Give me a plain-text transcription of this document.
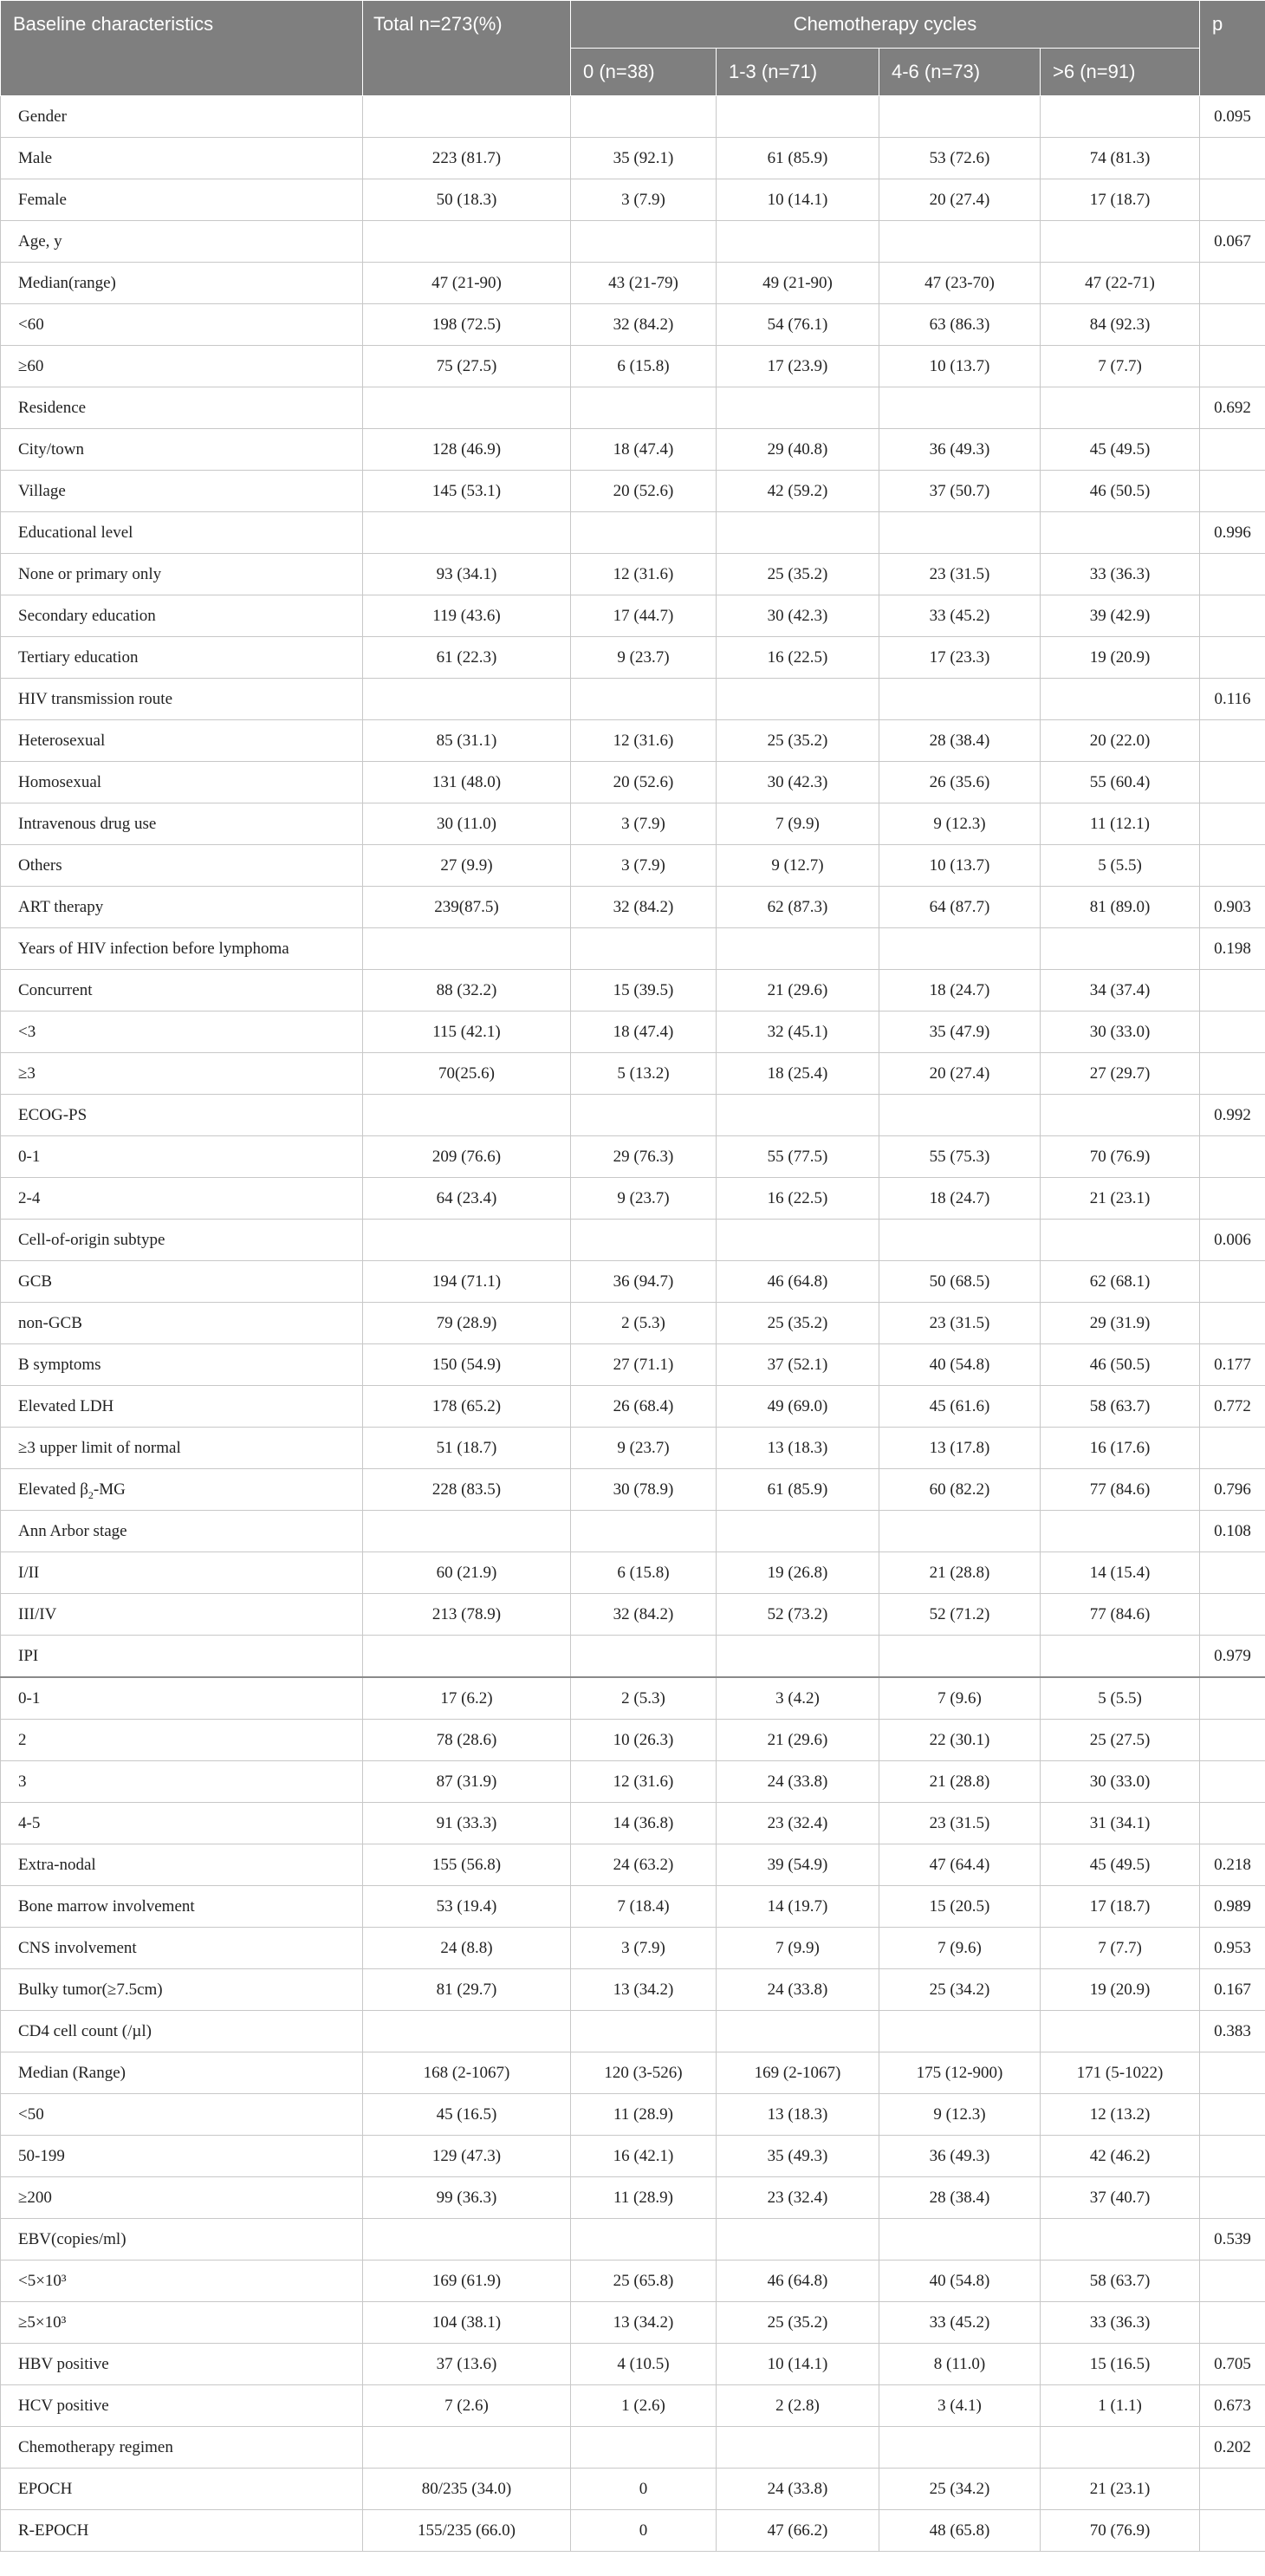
Baseline characteristics	Total n=273(%)	Chemotherapy cycles				p
		0 (n=38)	1-3 (n=71)	4-6 (n=73)	>6 (n=91)	
Gender						0.095
Male	223 (81.7)	35 (92.1)	61 (85.9)	53 (72.6)	74 (81.3)	
Female	50 (18.3)	3 (7.9)	10 (14.1)	20 (27.4)	17 (18.7)	
Age, y						0.067
Median(range)	47 (21-90)	43 (21-79)	49 (21-90)	47 (23-70)	47 (22-71)	
<60	198 (72.5)	32 (84.2)	54 (76.1)	63 (86.3)	84 (92.3)	
≥60	75 (27.5)	6 (15.8)	17 (23.9)	10 (13.7)	7 (7.7)	
Residence						0.692
City/town	128 (46.9)	18 (47.4)	29 (40.8)	36 (49.3)	45 (49.5)	
Village	145 (53.1)	20 (52.6)	42 (59.2)	37 (50.7)	46 (50.5)	
Educational level						0.996
None or primary only	93 (34.1)	12 (31.6)	25 (35.2)	23 (31.5)	33 (36.3)	
Secondary education	119 (43.6)	17 (44.7)	30 (42.3)	33 (45.2)	39 (42.9)	
Tertiary education	61 (22.3)	9 (23.7)	16 (22.5)	17 (23.3)	19 (20.9)	
HIV transmission route						0.116
Heterosexual	85 (31.1)	12 (31.6)	25 (35.2)	28 (38.4)	20 (22.0)	
Homosexual	131 (48.0)	20 (52.6)	30 (42.3)	26 (35.6)	55 (60.4)	
Intravenous drug use	30 (11.0)	3 (7.9)	7 (9.9)	9 (12.3)	11 (12.1)	
Others	27 (9.9)	3 (7.9)	9 (12.7)	10 (13.7)	5 (5.5)	
ART therapy	239(87.5)	32 (84.2)	62 (87.3)	64 (87.7)	81 (89.0)	0.903
Years of HIV infection before lymphoma						0.198
Concurrent	88 (32.2)	15 (39.5)	21 (29.6)	18 (24.7)	34 (37.4)	
<3	115 (42.1)	18 (47.4)	32 (45.1)	35 (47.9)	30 (33.0)	
≥3	70(25.6)	5 (13.2)	18 (25.4)	20 (27.4)	27 (29.7)	
ECOG-PS						0.992
0-1	209 (76.6)	29 (76.3)	55 (77.5)	55 (75.3)	70 (76.9)	
2-4	64 (23.4)	9 (23.7)	16 (22.5)	18 (24.7)	21 (23.1)	
Cell-of-origin subtype						0.006
GCB	194 (71.1)	36 (94.7)	46 (64.8)	50 (68.5)	62 (68.1)	
non-GCB	79 (28.9)	2 (5.3)	25 (35.2)	23 (31.5)	29 (31.9)	
B symptoms	150 (54.9)	27 (71.1)	37 (52.1)	40 (54.8)	46 (50.5)	0.177
Elevated LDH	178 (65.2)	26 (68.4)	49 (69.0)	45 (61.6)	58 (63.7)	0.772
≥3 upper limit of normal	51 (18.7)	9 (23.7)	13 (18.3)	13 (17.8)	16 (17.6)	
Elevated $\beta_2-MG$	228 (83.5)	30 (78.9)	61 (85.9)	60 (82.2)	77 (84.6)	0.796
Ann Arbor stage						0.108
I/II	60 (21.9)	6 (15.8)	19 (26.8)	21 (28.8)	14 (15.4)	
III/IV	213 (78.9)	32 (84.2)	52 (73.2)	52 (71.2)	77 (84.6)	
IPI						0.979
0-1	17 (6.2)	2 (5.3)	3 (4.2)	7 (9.6)	5 (5.5)	
2	78 (28.6)	10 (26.3)	21 (29.6)	22 (30.1)	25 (27.5)	
3	87 (31.9)	12 (31.6)	24 (33.8)	21 (28.8)	30 (33.0)	
4-5	91 (33.3)	14 (36.8)	23 (32.4)	23 (31.5)	31 (34.1)	
Extra-nodal	155 (56.8)	24 (63.2)	39 (54.9)	47 (64.4)	45 (49.5)	0.218
Bone marrow involvement	53 (19.4)	7 (18.4)	14 (19.7)	15 (20.5)	17 (18.7)	0.989
CNS involvement	24 (8.8)	3 (7.9)	7 (9.9)	7 (9.6)	7 (7.7)	0.953
Bulky tumor(≥7.5cm)	81 (29.7)	13 (34.2)	24 (33.8)	25 (34.2)	19 (20.9)	0.167
CD4 cell count (/µl)						0.383
Median (Range)	168 (2-1067)	120 (3-526)	169 (2-1067)	175 (12-900)	171 (5-1022)	
<50	45 (16.5)	11 (28.9)	13 (18.3)	9 (12.3)	12 (13.2)	
50-199	129 (47.3)	16 (42.1)	35 (49.3)	36 (49.3)	42 (46.2)	
≥200	99 (36.3)	11 (28.9)	23 (32.4)	28 (38.4)	37 (40.7)	
EBV(copies/ml)						0.539
<5×10³	169 (61.9)	25 (65.8)	46 (64.8)	40 (54.8)	58 (63.7)	
≥5×10³	104 (38.1)	13 (34.2)	25 (35.2)	33 (45.2)	33 (36.3)	
HBV positive	37 (13.6)	4 (10.5)	10 (14.1)	8 (11.0)	15 (16.5)	0.705
HCV positive	7 (2.6)	1 (2.6)	2 (2.8)	3 (4.1)	1 (1.1)	0.673
Chemotherapy regimen						0.202
EPOCH	80/235 (34.0)	0	24 (33.8)	25 (34.2)	21 (23.1)	
R-EPOCH	155/235 (66.0)	0	47 (66.2)	48 (65.8)	70 (76.9)	
